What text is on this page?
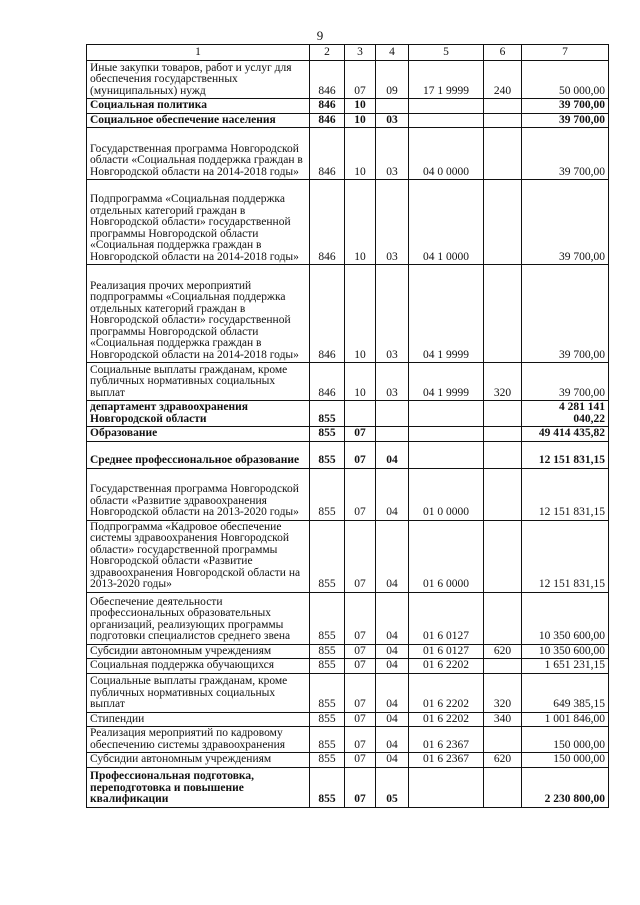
9
1	2	3	4	5	6	7
Иные закупки товаров, работ и услуг для обеспечения государственных (муниципальных) нужд	846	07	09	17 1 9999	240	50 000,00
Социальная политика	846	10				39 700,00
Социальное обеспечение населения	846	10	03			39 700,00
Государственная программа Новгородской области «Социальная поддержка граждан в Новгородской области на 2014-2018 годы»	846	10	03	04 0 0000		39 700,00
Подпрограмма «Социальная поддержка отдельных категорий граждан в Новгородской области» государственной программы Новгородской области «Социальная поддержка граждан в Новгородской области на 2014-2018 годы»	846	10	03	04 1 0000		39 700,00
Реализация прочих мероприятий подпрограммы «Социальная поддержка отдельных категорий граждан в Новгородской области» государственной программы Новгородской области «Социальная поддержка граждан в Новгородской области на 2014-2018 годы»	846	10	03	04 1 9999		39 700,00
Социальные выплаты гражданам, кроме публичных нормативных социальных выплат	846	10	03	04 1 9999	320	39 700,00
департамент здравоохранения Новгородской области	855					4 281 141 040,22
Образование	855	07				49 414 435,82
Среднее профессиональное образование	855	07	04			12 151 831,15
Государственная программа Новгородской области «Развитие здравоохранения Новгородской области на 2013-2020 годы»	855	07	04	01 0 0000		12 151 831,15
Подпрограмма «Кадровое обеспечение системы здравоохранения Новгородской области» государственной программы Новгородской области «Развитие здравоохранения Новгородской области на 2013-2020 годы»	855	07	04	01 6 0000		12 151 831,15
Обеспечение деятельности профессиональных образовательных организаций, реализующих программы подготовки специалистов среднего звена	855	07	04	01 6 0127		10 350 600,00
Субсидии автономным учреждениям	855	07	04	01 6 0127	620	10 350 600,00
Социальная поддержка обучающихся	855	07	04	01 6 2202		1 651 231,15
Социальные выплаты гражданам, кроме публичных нормативных социальных выплат	855	07	04	01 6 2202	320	649 385,15
Стипендии	855	07	04	01 6 2202	340	1 001 846,00
Реализация мероприятий по кадровому обеспечению системы здравоохранения	855	07	04	01 6 2367		150 000,00
Субсидии автономным учреждениям	855	07	04	01 6 2367	620	150 000,00
Профессиональная подготовка, переподготовка и повышение квалификации	855	07	05			2 230 800,00
